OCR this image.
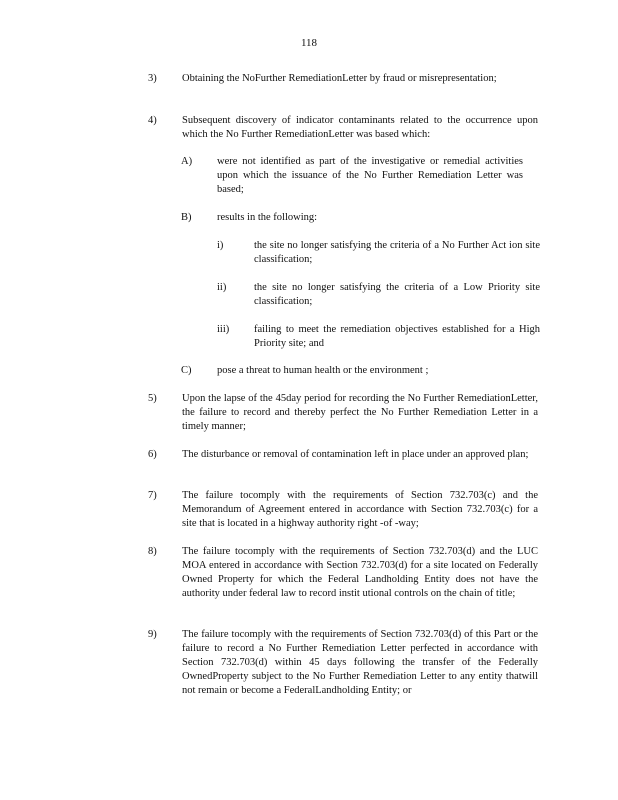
118
3) Obtaining the NoFurther RemediationLetter by fraud or misrepresentation;
4) Subsequent discovery of indicator contaminants related to the occurrence upon which the No Further RemediationLetter was based which:
A) were not identified as part of the investigative or remedial activities upon which the issuance of the No Further Remediation Letter was based;
B) results in the following:
i)	the site no longer satisfying the criteria of a No Further Act ion site classification;
ii)	the site no longer satisfying the criteria of a Low Priority site classification;
iii) failing to meet the remediation objectives established for a High Priority site; and
C) pose a threat to human health or the environment ;
5) Upon the lapse of the 45day period for recording the No Further RemediationLetter, the failure to record and thereby perfect the No Further Remediation Letter in a timely manner;
6) The disturbance or removal of contamination left in place under an approved plan;
7) The failure tocomply with the requirements of Section 732.703(c) and the Memorandum of Agreement entered in accordance with Section 732.703(c) for a site that is located in a highway authority right -of -way;
8) The failure tocomply with the requirements of Section 732.703(d) and the LUC MOA entered in accordance with Section 732.703(d) for a site located on Federally Owned Property for which the Federal Landholding Entity does not have the authority under federal law to record instit utional controls on the chain of title;
9) The failure tocomply with the requirements of Section 732.703(d) of this Part or the failure to record a No Further Remediation Letter perfected in accordance with Section 732.703(d) within 45 days following the transfer of the Federally OwnedProperty subject to the No Further Remediation Letter to any entity thatwill not remain or become a FederalLandholding Entity; or
